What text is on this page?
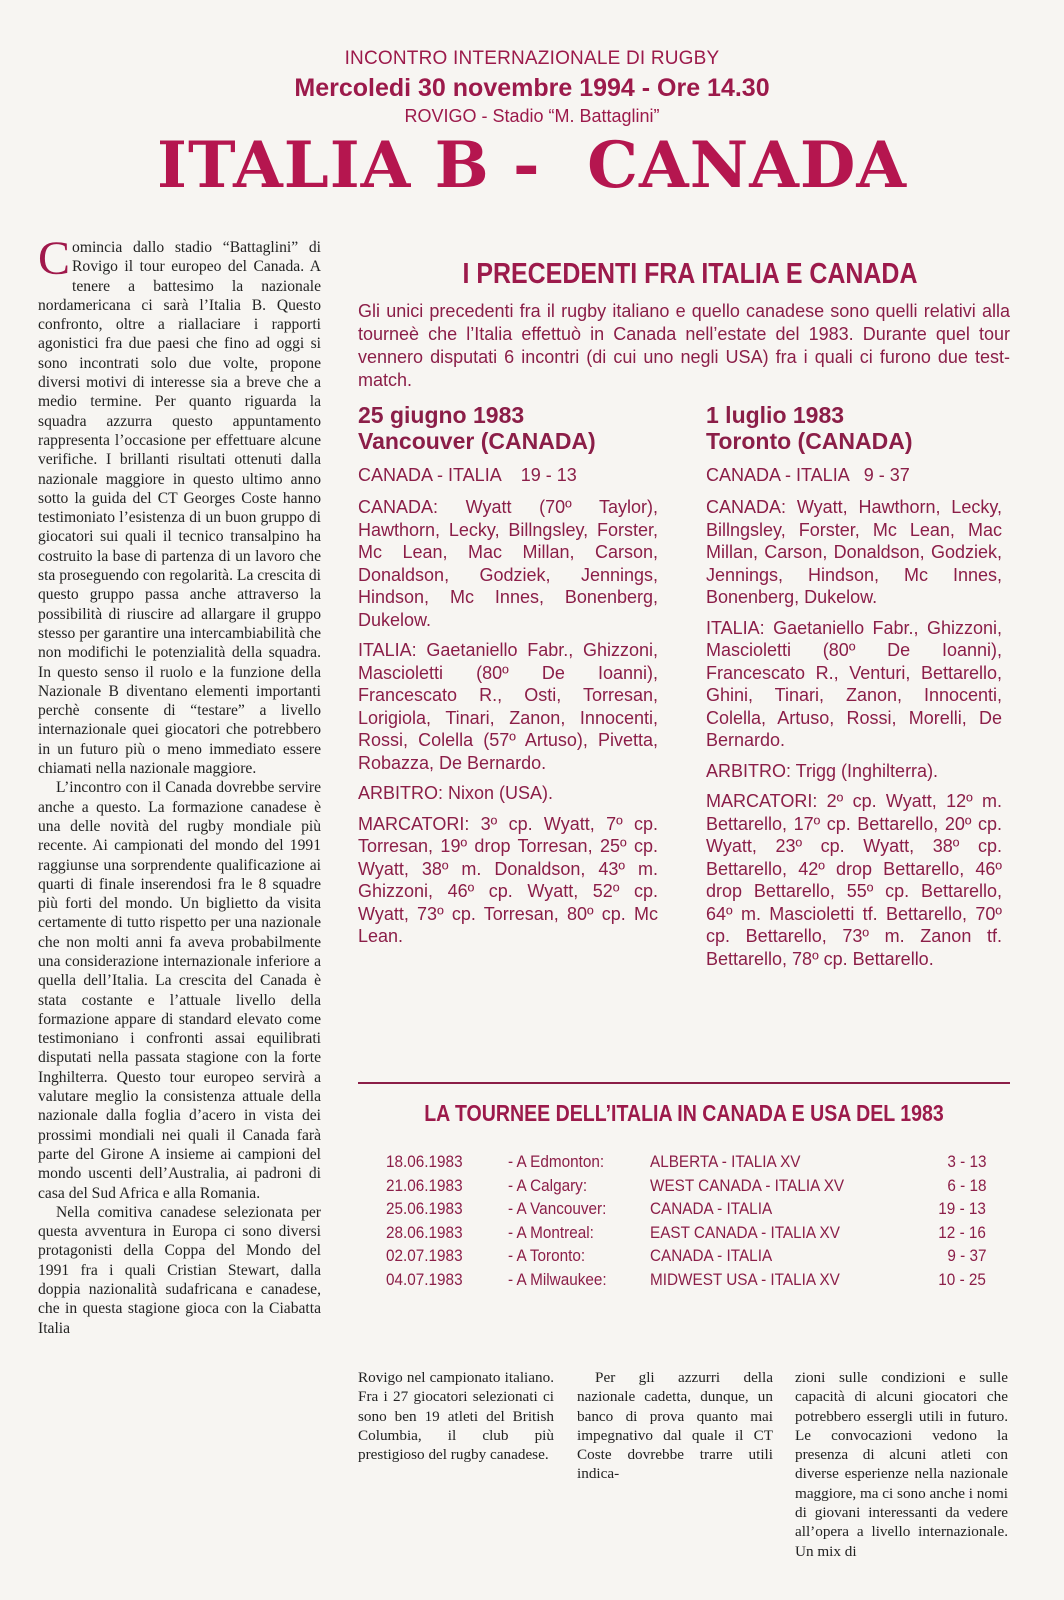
INCONTRO INTERNAZIONALE DI RUGBY
Mercoledi 30 novembre 1994 - Ore 14.30
ROVIGO - Stadio “M. Battaglini”
ITALIA B -  CANADA

Comincia dallo stadio “Battaglini” di Rovigo il tour europeo del Canada. A tenere a battesimo la nazionale nordamericana ci sarà l’Italia B. Questo confronto, oltre a riallaciare i rapporti agonistici fra due paesi che fino ad oggi si sono incontrati solo due volte, propone diversi motivi di interesse sia a breve che a medio termine. Per quanto riguarda la squadra azzurra questo appuntamento rappresenta l’occasione per effettuare alcune verifiche. I brillanti risultati ottenuti dalla nazionale maggiore in questo ultimo anno sotto la guida del CT Georges Coste hanno testimoniato l’esistenza di un buon gruppo di giocatori sui quali il tecnico transalpino ha costruito la base di partenza di un lavoro che sta proseguendo con regolarità. La crescita di questo gruppo passa anche attraverso la possibilità di riuscire ad allargare il gruppo stesso per garantire una intercambiabilità che non modifichi le potenzialità della squadra. In questo senso il ruolo e la funzione della Nazionale B diventano elementi importanti perchè consente di “testare” a livello internazionale quei giocatori che potrebbero in un futuro più o meno immediato essere chiamati nella nazionale maggiore.

L’incontro con il Canada dovrebbe servire anche a questo. La formazione canadese è una delle novità del rugby mondiale più recente. Ai campionati del mondo del 1991 raggiunse una sorprendente qualificazione ai quarti di finale inserendosi fra le 8 squadre più forti del mondo. Un biglietto da visita certamente di tutto rispetto per una nazionale che non molti anni fa aveva probabilmente una considerazione internazionale inferiore a quella dell’Italia. La crescita del Canada è stata costante e l’attuale livello della formazione appare di standard elevato come testimoniano i confronti assai equilibrati disputati nella passata stagione con la forte Inghilterra. Questo tour europeo servirà a valutare meglio la consistenza attuale della nazionale dalla foglia d’acero in vista dei prossimi mondiali nei quali il Canada farà parte del Girone A insieme ai campioni del mondo uscenti dell’Australia, ai padroni di casa del Sud Africa e alla Romania.

Nella comitiva canadese selezionata per questa avventura in Europa ci sono diversi protagonisti della Coppa del Mondo del 1991 fra i quali Cristian Stewart, dalla doppia nazionalità sudafricana e canadese, che in questa stagione gioca con la Ciabatta Italia

I PRECEDENTI FRA ITALIA E CANADA
Gli unici precedenti fra il rugby italiano e quello canadese sono quelli relativi alla tourneè che l’Italia effettuò in Canada nell’estate del 1983. Durante quel tour vennero disputati 6 incontri (di cui uno negli USA) fra i quali ci furono due test-match.

25 giugno 1983

Vancouver (CANADA)

CANADA - ITALIA    19 - 13

CANADA: Wyatt (70º Taylor), Hawthorn, Lecky, Billngsley, Forster, Mc Lean, Mac Millan, Carson, Donaldson, Godziek, Jennings, Hindson, Mc Innes, Bonenberg, Dukelow.

ITALIA: Gaetaniello Fabr., Ghizzoni, Mascioletti (80º De Ioanni), Francescato R., Osti, Torresan, Lorigiola, Tinari, Zanon, Innocenti, Rossi, Colella (57º Artuso), Pivetta, Robazza, De Bernardo.

ARBITRO: Nixon (USA).

MARCATORI: 3º cp. Wyatt, 7º cp. Torresan, 19º drop Torresan, 25º cp. Wyatt, 38º m. Donaldson, 43º m. Ghizzoni, 46º cp. Wyatt, 52º cp. Wyatt, 73º cp. Torresan, 80º cp. Mc Lean.

1 luglio 1983

Toronto (CANADA)

CANADA - ITALIA   9 - 37

CANADA: Wyatt, Hawthorn, Lecky, Billngsley, Forster, Mc Lean, Mac Millan, Carson, Donaldson, Godziek, Jennings, Hindson, Mc Innes, Bonenberg, Dukelow.

ITALIA: Gaetaniello Fabr., Ghizzoni, Mascioletti (80º De Ioanni), Francescato R., Venturi, Bettarello, Ghini, Tinari, Zanon, Innocenti, Colella, Artuso, Rossi, Morelli, De Bernardo.

ARBITRO: Trigg (Inghilterra).

MARCATORI: 2º cp. Wyatt, 12º m. Bettarello, 17º cp. Bettarello, 20º cp. Wyatt, 23º cp. Wyatt, 38º cp. Bettarello, 42º drop Bettarello, 46º drop Bettarello, 55º cp. Bettarello, 64º m. Mascioletti tf. Bettarello, 70º cp. Bettarello, 73º m. Zanon tf. Bettarello, 78º cp. Bettarello.

LA TOURNEE DELL’ITALIA IN CANADA E USA DEL 1983
18.06.1983	- A Edmonton:	ALBERTA - ITALIA XV	3 - 13
21.06.1983	- A Calgary:	WEST CANADA - ITALIA XV	6 - 18
25.06.1983	- A Vancouver:	CANADA - ITALIA	19 - 13
28.06.1983	- A Montreal:	EAST CANADA - ITALIA XV	12 - 16
02.07.1983	- A Toronto:	CANADA - ITALIA	9 - 37
04.07.1983	- A Milwaukee:	MIDWEST USA - ITALIA XV	10 - 25

Rovigo nel campionato italiano. Fra i 27 giocatori selezionati ci sono ben 19 atleti del British Columbia, il club più prestigioso del rugby canadese.

Per gli azzurri della nazionale cadetta, dunque, un banco di prova quanto mai impegnativo dal quale il CT Coste dovrebbe trarre utili indica-

zioni sulle condizioni e sulle capacità di alcuni giocatori che potrebbero essergli utili in futuro. Le convocazioni vedono la presenza di alcuni atleti con diverse esperienze nella nazionale maggiore, ma ci sono anche i nomi di giovani interessanti da vedere all’opera a livello internazionale. Un mix di
